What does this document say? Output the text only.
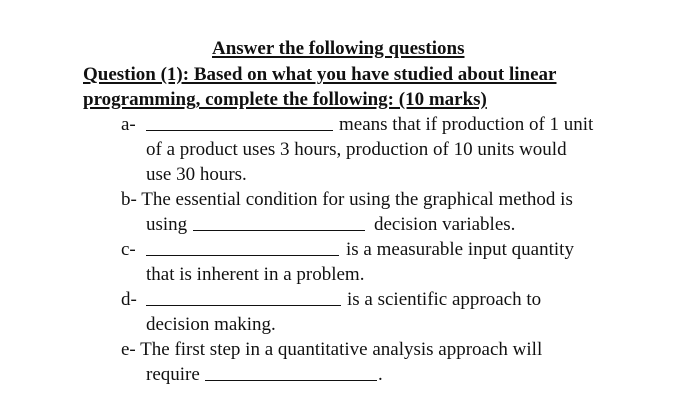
Answer the following questions
Question (1): Based on what you have studied about linear
programming, complete the following: (10 marks)
a-	means that if production of 1 unit
of a product uses 3 hours, production of 10 units would
use 30 hours.
b- The essential condition for using the graphical method is
using	decision variables.
c-	is a measurable input quantity
that is inherent in a problem.
d-	is a scientific approach to
decision making.
e- The first step in a quantitative analysis approach will
require	.
